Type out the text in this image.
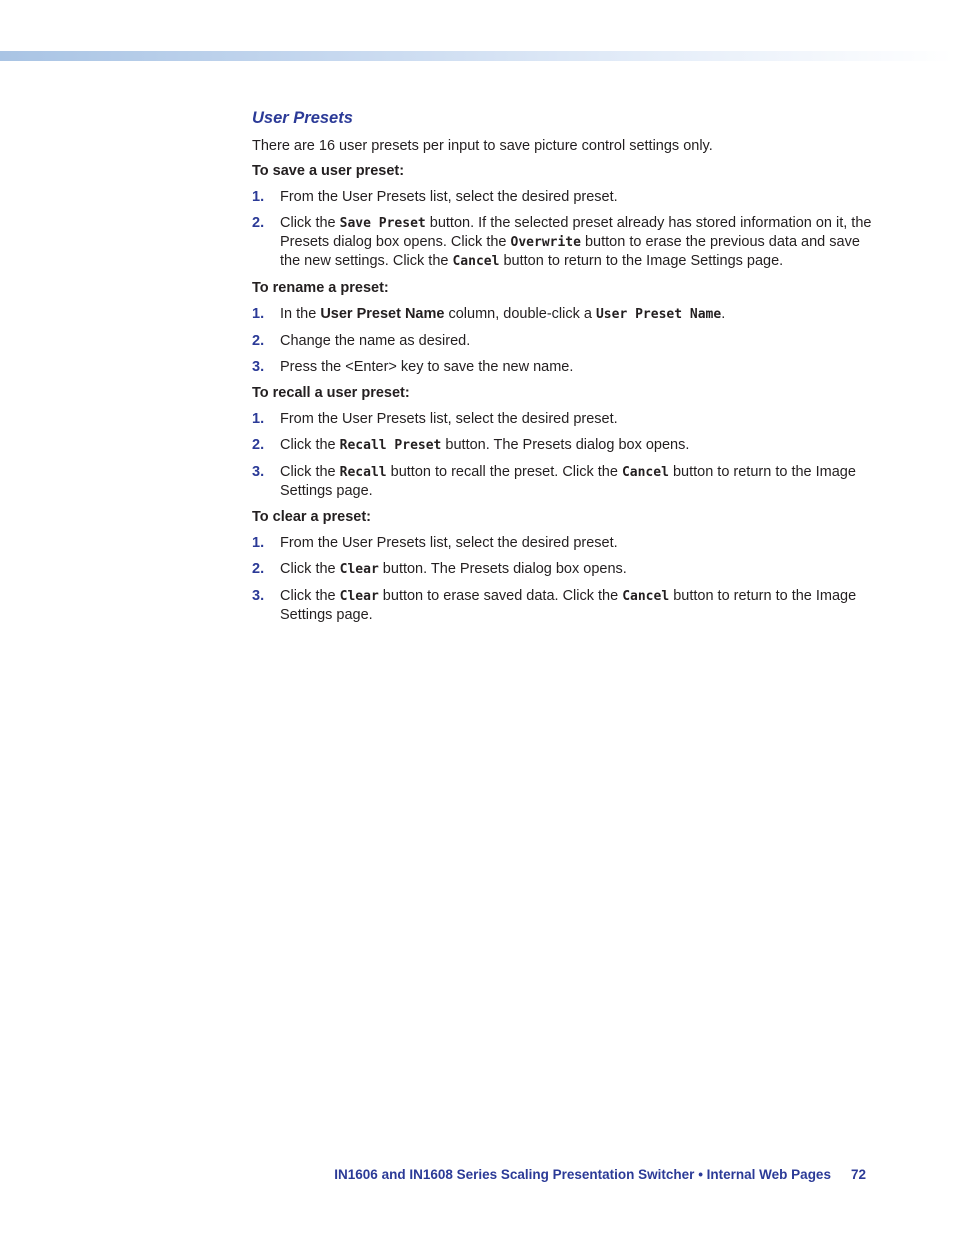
User Presets

There are 16 user presets per input to save picture control settings only.

To save a user preset:
1.	From the User Presets list, select the desired preset.
2.	Click the Save Preset button. If the selected preset already has stored information on it, the Presets dialog box opens. Click the Overwrite button to erase the previous data and save the new settings. Click the Cancel button to return to the Image Settings page.
To rename a preset:
1.	In the User Preset Name column, double-click a User Preset Name.
2.	Change the name as desired.
3.	Press the <Enter> key to save the new name.
To recall a user preset:
1.	From the User Presets list, select the desired preset.
2.	Click the Recall Preset button. The Presets dialog box opens.
3.	Click the Recall button to recall the preset. Click the Cancel button to return to the Image Settings page.
To clear a preset:
1.	From the User Presets list, select the desired preset.
2.	Click the Clear button. The Presets dialog box opens.
3.	Click the Clear button to erase saved data. Click the Cancel button to return to the Image Settings page.
IN1606 and IN1608 Series Scaling Presentation Switcher • Internal Web Pages 72
